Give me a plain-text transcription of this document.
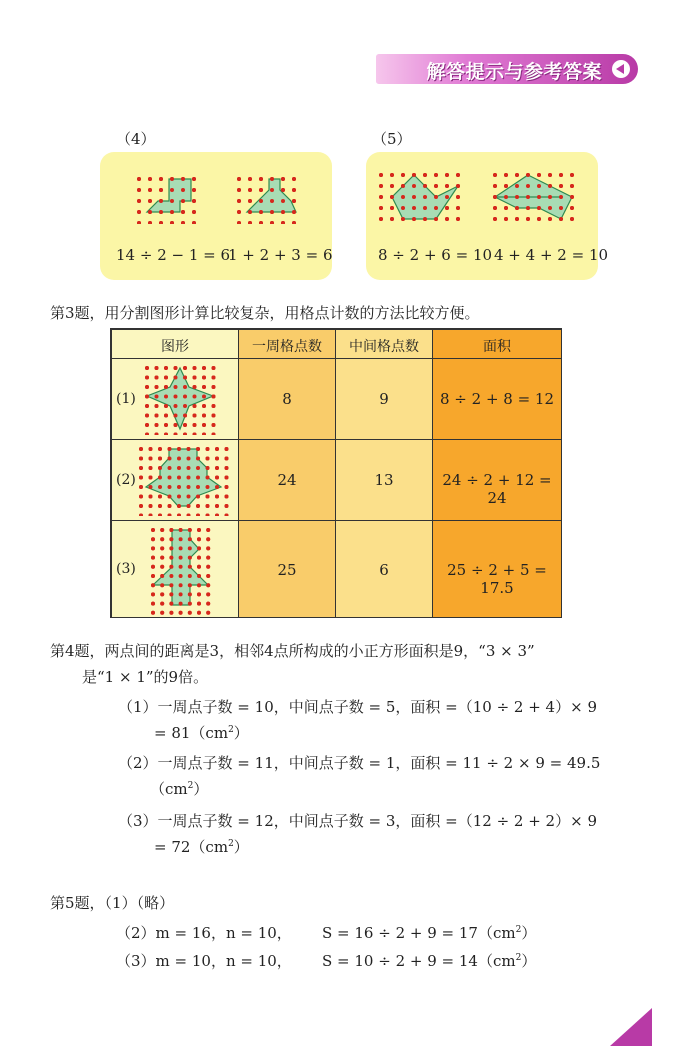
解答提示与参考答案
（4）	（5）
14 ÷ 2 − 1 = 6
1 + 2 + 3 = 6	8 ÷ 2 + 6 = 10 4 + 4 + 2 = 10
第3题，用分割图形计算比较复杂，用格点计数的方法比较方便。
图形	一周格点数	中间格点数	面积
(1)	8	9	8 ÷ 2 + 8 = 12
(2)	24	13	24 ÷ 2 + 12 = 24
(3)	25	6	25 ÷ 2 + 5 = 17.5
第4题，两点间的距离是3，相邻4点所构成的小正方形面积是9，“3 × 3”
是“1 × 1”的9倍。
（1）一周点子数 = 10，中间点子数 = 5，面积 =（10 ÷ 2 + 4）× 9
= $81(cm^2)$
（2）一周点子数 = 11，中间点子数 = 1，面积 = 11 ÷ 2 × 9 = 49.5
$(cm^2)$
（3）一周点子数 = 12，中间点子数 = 3，面积 =（12 ÷ 2 + 2）× 9
= $72(cm^2)$
第5题，（1）（略）
（2）m = 16，n = 10， $S = 16 \div 2 + 9 = 17(cm^2)$
（3）m = 10，n = 10， $S = 10 \div 2 + 9 = 14(cm^2)$
